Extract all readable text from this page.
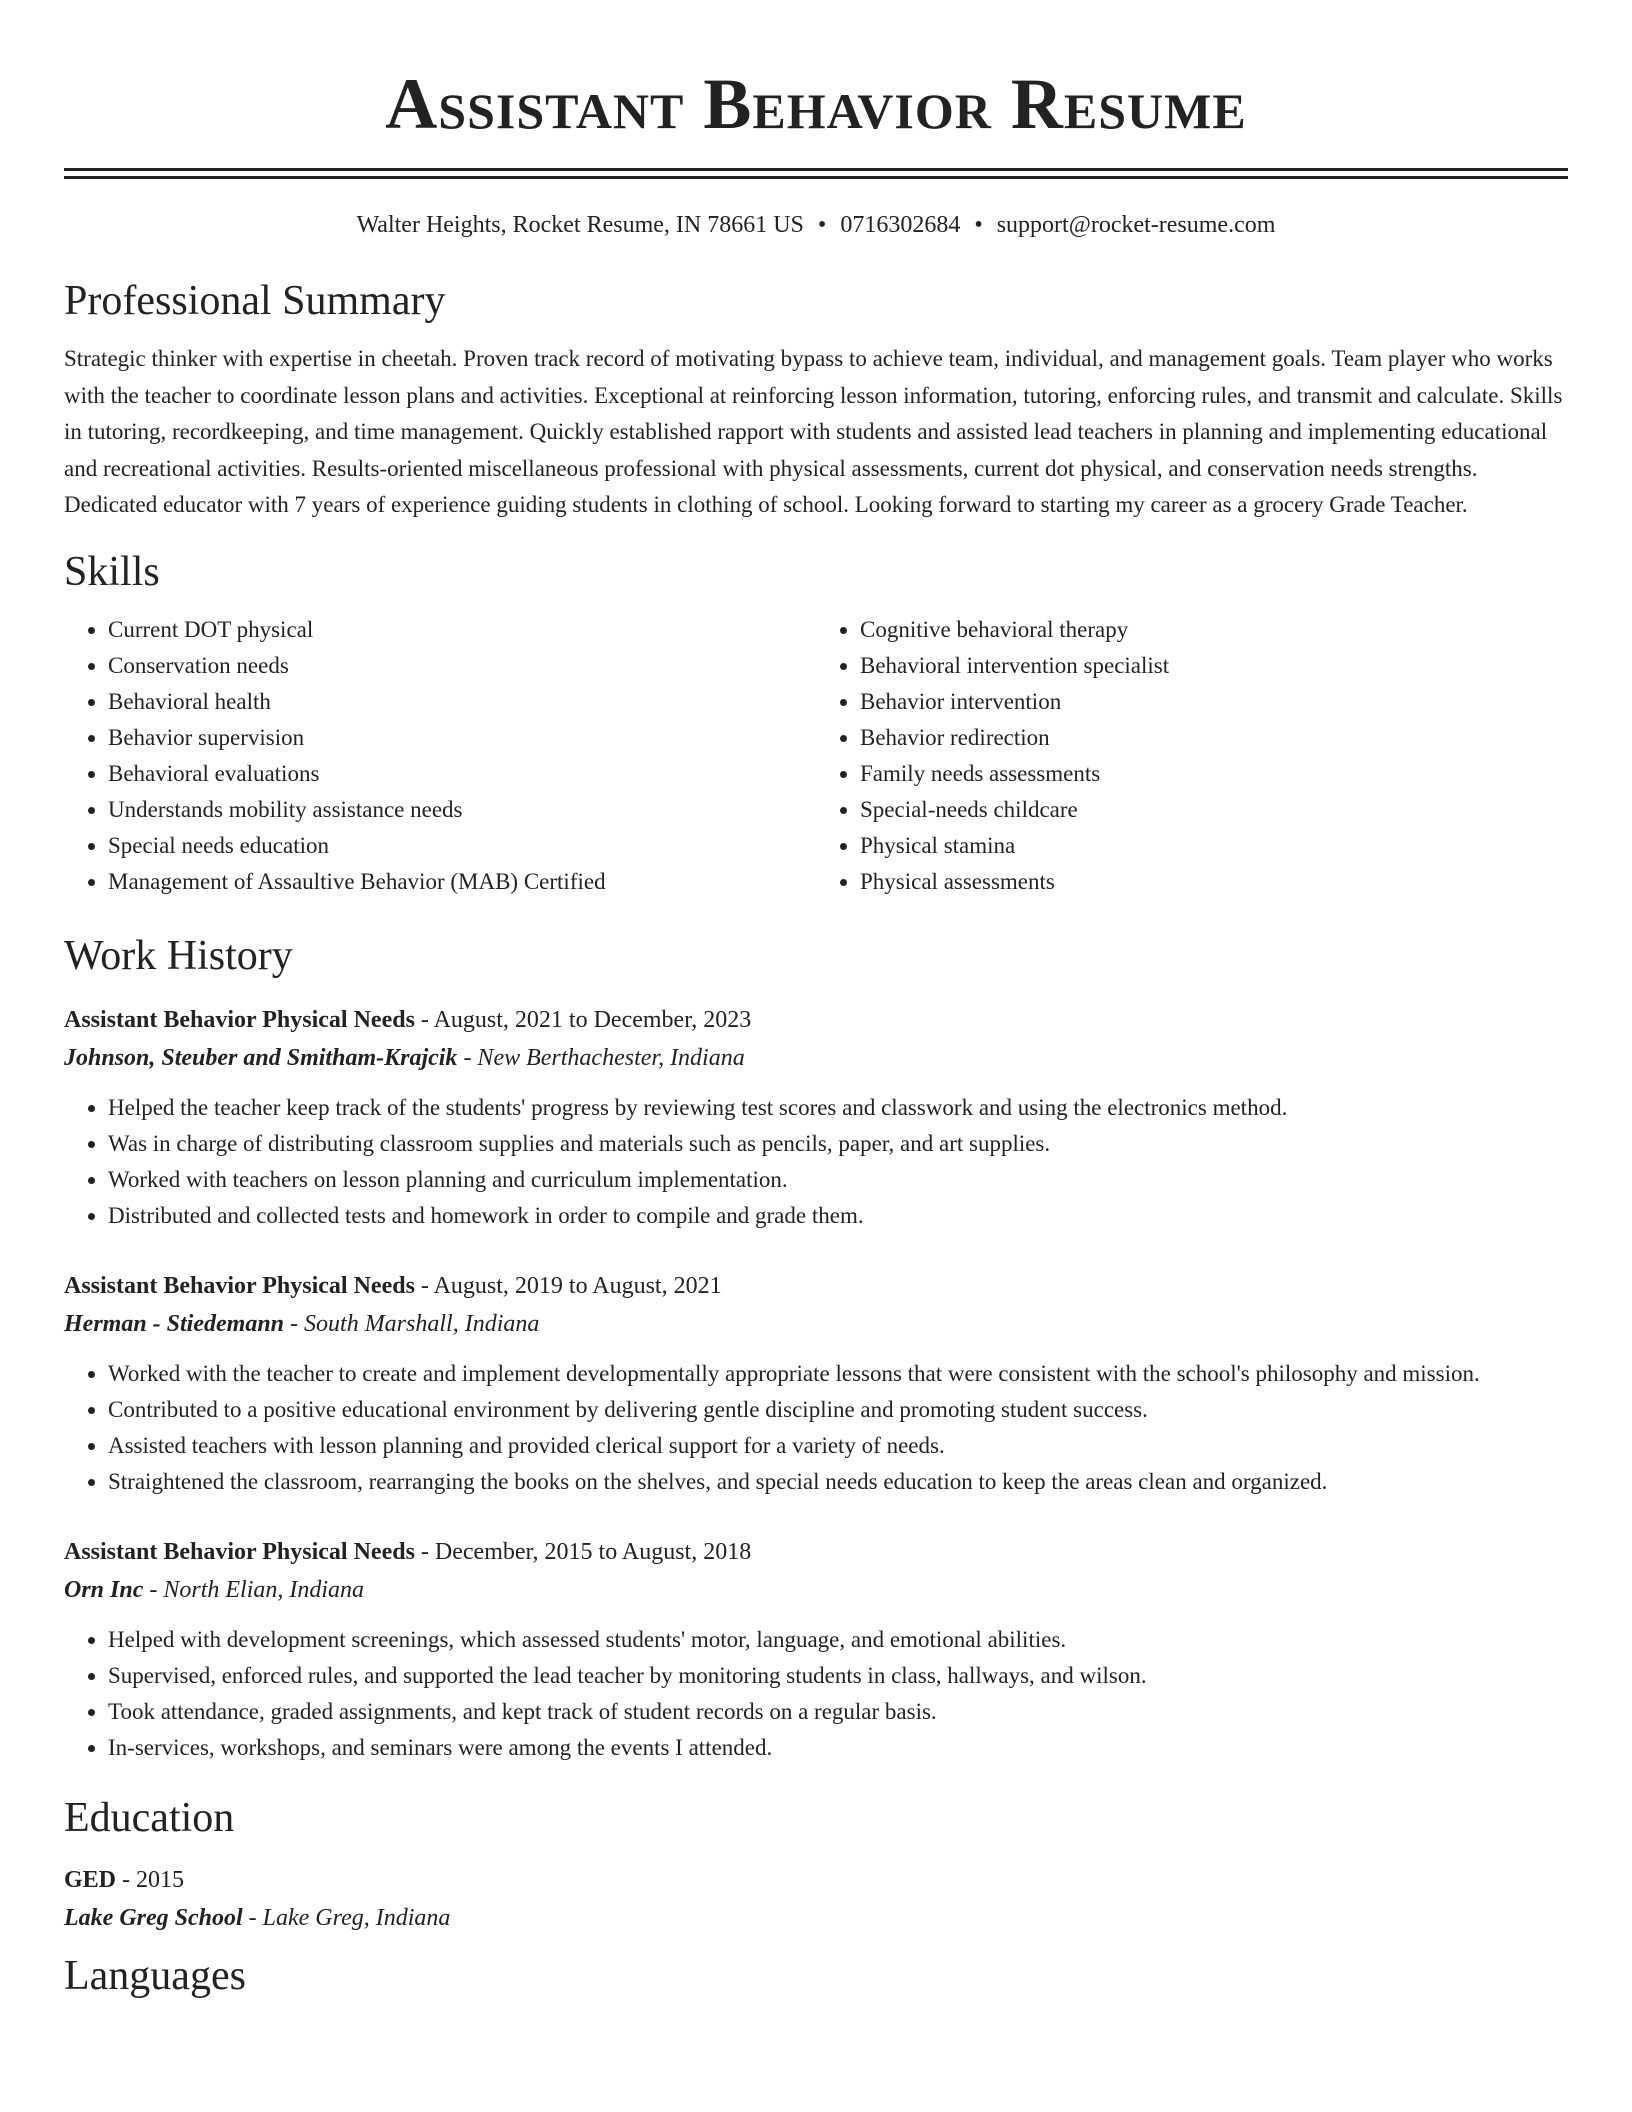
Assistant Behavior Resume
Walter Heights, Rocket Resume, IN 78661 US • 0716302684 • support@rocket-resume.com
Professional Summary

Strategic thinker with expertise in cheetah. Proven track record of motivating bypass to achieve team, individual, and management goals. Team player who works with the teacher to coordinate lesson plans and activities. Exceptional at reinforcing lesson information, tutoring, enforcing rules, and transmit and calculate. Skills in tutoring, recordkeeping, and time management. Quickly established rapport with students and assisted lead teachers in planning and implementing educational and recreational activities. Results-oriented miscellaneous professional with physical assessments, current dot physical, and conservation needs strengths. Dedicated educator with 7 years of experience guiding students in clothing of school. Looking forward to starting my career as a grocery Grade Teacher.

Skills
• Current DOT physical
• Conservation needs
• Behavioral health
• Behavior supervision
• Behavioral evaluations
• Understands mobility assistance needs
• Special needs education
• Management of Assaultive Behavior (MAB) Certified
• Cognitive behavioral therapy
• Behavioral intervention specialist
• Behavior intervention
• Behavior redirection
• Family needs assessments
• Special-needs childcare
• Physical stamina
• Physical assessments
Work History
Assistant Behavior Physical Needs - August, 2021 to December, 2023
Johnson, Steuber and Smitham-Krajcik - New Berthachester, Indiana
• Helped the teacher keep track of the students' progress by reviewing test scores and classwork and using the electronics method.
• Was in charge of distributing classroom supplies and materials such as pencils, paper, and art supplies.
• Worked with teachers on lesson planning and curriculum implementation.
• Distributed and collected tests and homework in order to compile and grade them.
Assistant Behavior Physical Needs - August, 2019 to August, 2021
Herman - Stiedemann - South Marshall, Indiana
• Worked with the teacher to create and implement developmentally appropriate lessons that were consistent with the school's philosophy and mission.
• Contributed to a positive educational environment by delivering gentle discipline and promoting student success.
• Assisted teachers with lesson planning and provided clerical support for a variety of needs.
• Straightened the classroom, rearranging the books on the shelves, and special needs education to keep the areas clean and organized.
Assistant Behavior Physical Needs - December, 2015 to August, 2018
Orn Inc - North Elian, Indiana
• Helped with development screenings, which assessed students' motor, language, and emotional abilities.
• Supervised, enforced rules, and supported the lead teacher by monitoring students in class, hallways, and wilson.
• Took attendance, graded assignments, and kept track of student records on a regular basis.
• In-services, workshops, and seminars were among the events I attended.
Education
GED - 2015
Lake Greg School - Lake Greg, Indiana
Languages
